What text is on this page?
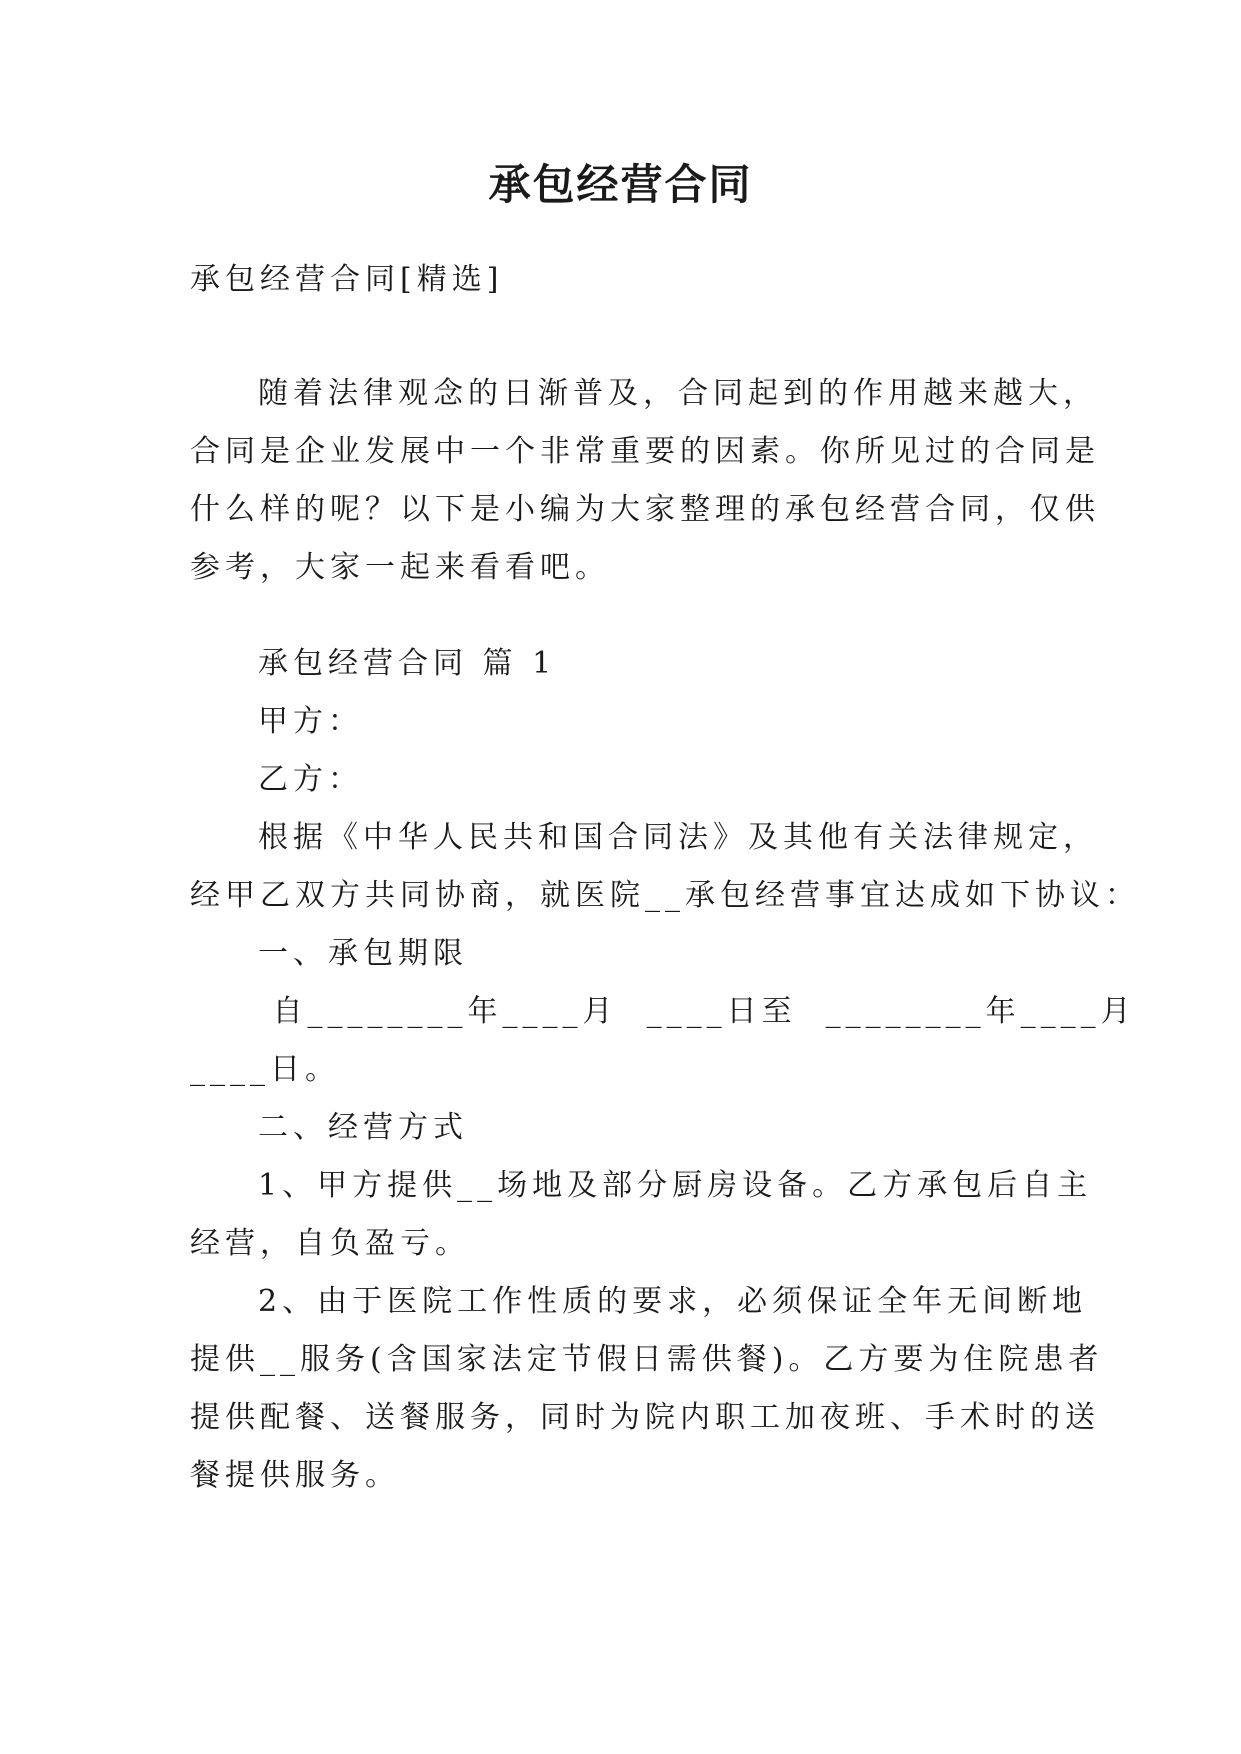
承包经营合同
承包经营合同[精选]
随着法律观念的日渐普及，合同起到的作用越来越大，
合同是企业发展中一个非常重要的因素。你所见过的合同是
什么样的呢？以下是小编为大家整理的承包经营合同，仅供
参考，大家一起来看看吧。
承包经营合同 篇 1
甲方：
乙方：
根据《中华人民共和国合同法》及其他有关法律规定，
经甲乙双方共同协商，就医院__承包经营事宜达成如下协议：
一、承包期限
自________年____月  ____日至  ________年____月
____日。
二、经营方式
1、甲方提供__场地及部分厨房设备。乙方承包后自主
经营，自负盈亏。
2、由于医院工作性质的要求，必须保证全年无间断地
提供__服务(含国家法定节假日需供餐)。乙方要为住院患者
提供配餐、送餐服务，同时为院内职工加夜班、手术时的送
餐提供服务。
